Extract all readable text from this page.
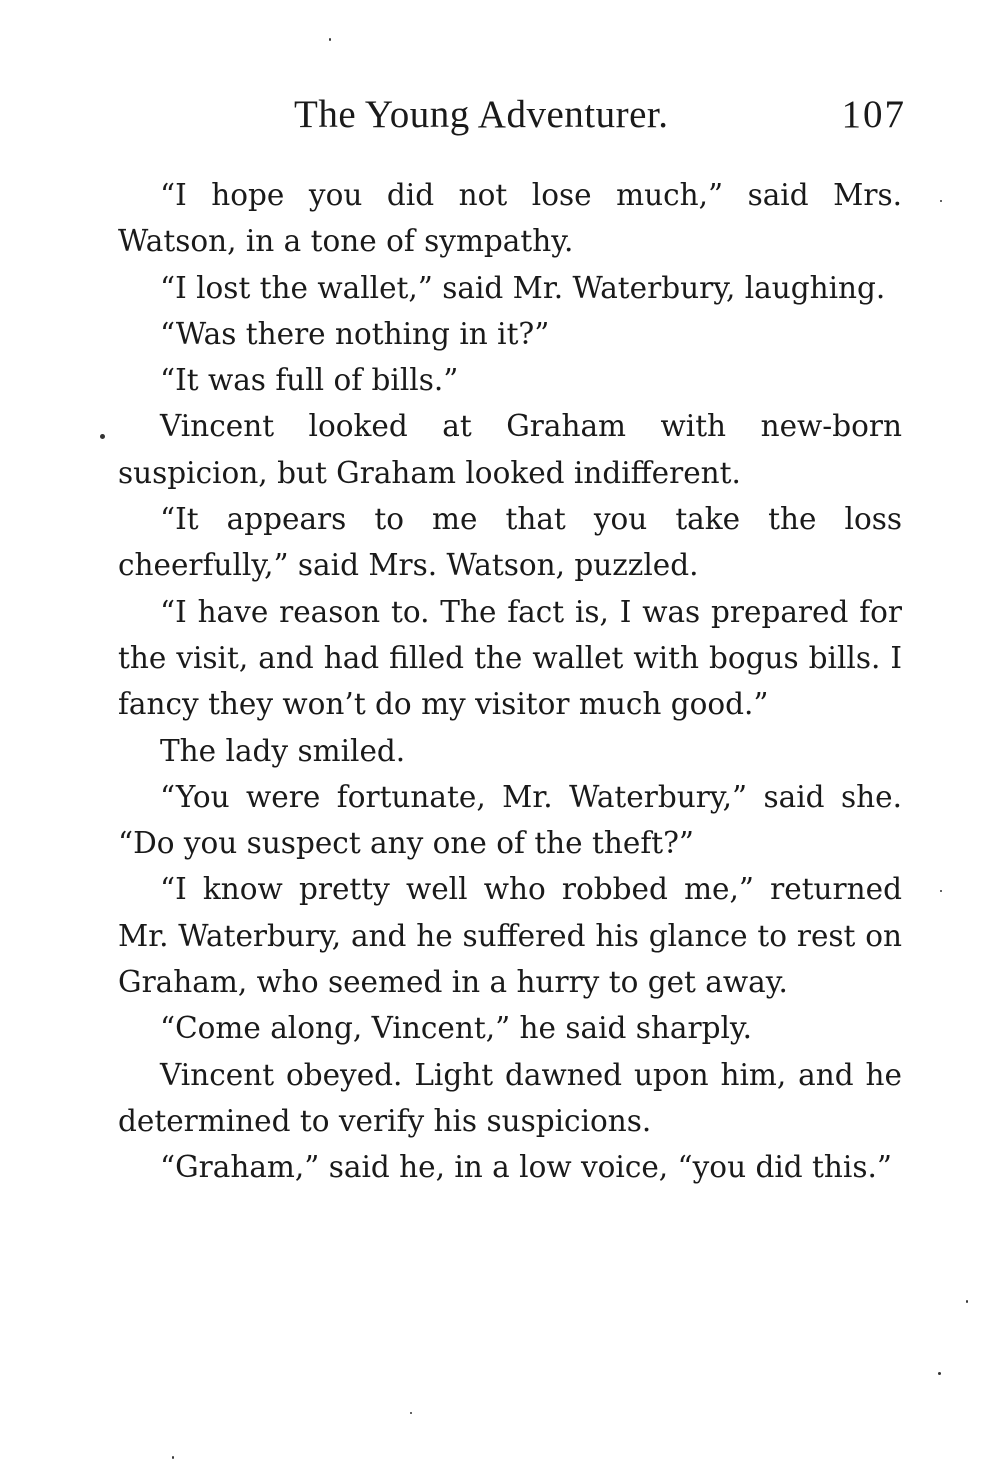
The Young Adventurer.	107

“I hope you did not lose much,” said Mrs. Watson, in a tone of sympathy.

“I lost the wallet,” said Mr. Waterbury, laughing.

“Was there nothing in it?”

“It was full of bills.”

Vincent looked at Graham with new-born suspicion, but Graham looked indifferent.

“It appears to me that you take the loss cheerfully,” said Mrs. Watson, puzzled.

“I have reason to. The fact is, I was prepared for the visit, and had filled the wallet with bogus bills. I fancy they won’t do my visitor much good.”

The lady smiled.

“You were fortunate, Mr. Waterbury,” said she. “Do you suspect any one of the theft?”

“I know pretty well who robbed me,” returned Mr. Waterbury, and he suffered his glance to rest on Graham, who seemed in a hurry to get away.

“Come along, Vincent,” he said sharply.

Vincent obeyed. Light dawned upon him, and he determined to verify his suspicions.

“Graham,” said he, in a low voice, “you did this.”
